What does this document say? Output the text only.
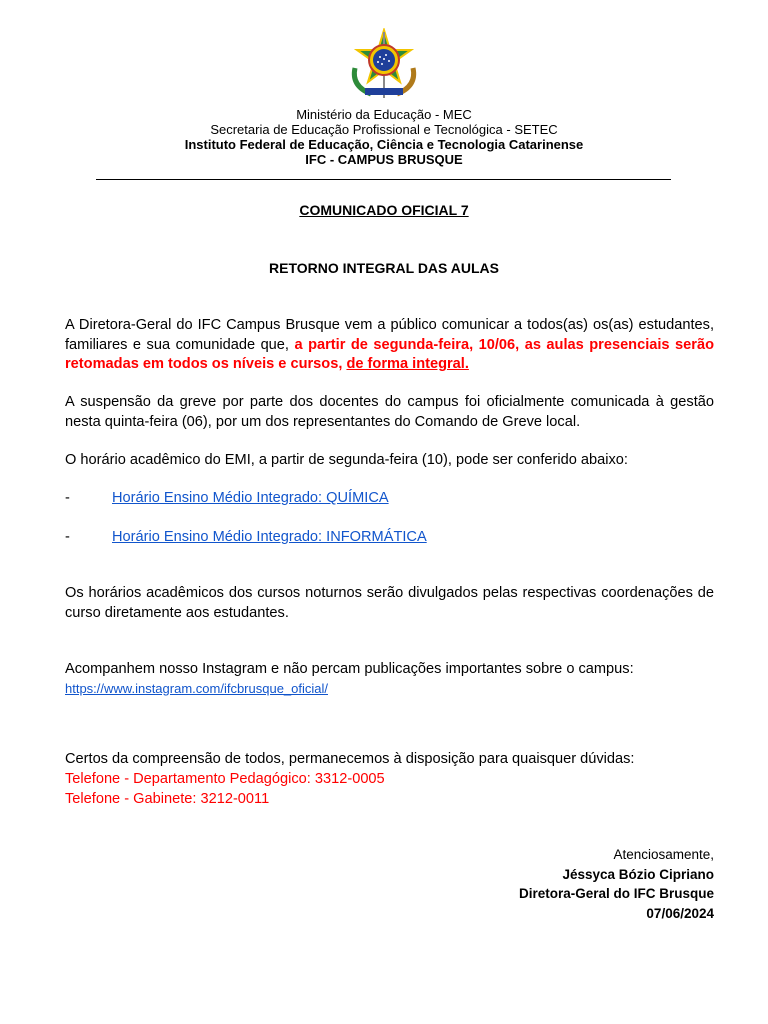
Ministério da Educação - MEC
Secretaria de Educação Profissional e Tecnológica - SETEC
Instituto Federal de Educação, Ciência e Tecnologia Catarinense
IFC - CAMPUS BRUSQUE
COMUNICADO OFICIAL 7
RETORNO INTEGRAL DAS AULAS
A Diretora-Geral do IFC Campus Brusque vem a público comunicar a todos(as) os(as) estudantes, familiares e sua comunidade que, a partir de segunda-feira, 10/06, as aulas presenciais serão retomadas em todos os níveis e cursos, de forma integral.
A suspensão da greve por parte dos docentes do campus foi oficialmente comunicada à gestão nesta quinta-feira (06), por um dos representantes do Comando de Greve local.
O horário acadêmico do EMI, a partir de segunda-feira (10), pode ser conferido abaixo:
-	Horário Ensino Médio Integrado: QUÍMICA
-	Horário Ensino Médio Integrado: INFORMÁTICA
Os horários acadêmicos dos cursos noturnos serão divulgados pelas respectivas coordenações de curso diretamente aos estudantes.
Acompanhem nosso Instagram e não percam publicações importantes sobre o campus:
https://www.instagram.com/ifcbrusque_oficial/
Certos da compreensão de todos, permanecemos à disposição para quaisquer dúvidas:
Telefone - Departamento Pedagógico: 3312-0005
Telefone - Gabinete: 3212-0011
Atenciosamente,
Jéssyca Bózio Cipriano
Diretora-Geral do IFC Brusque
07/06/2024
